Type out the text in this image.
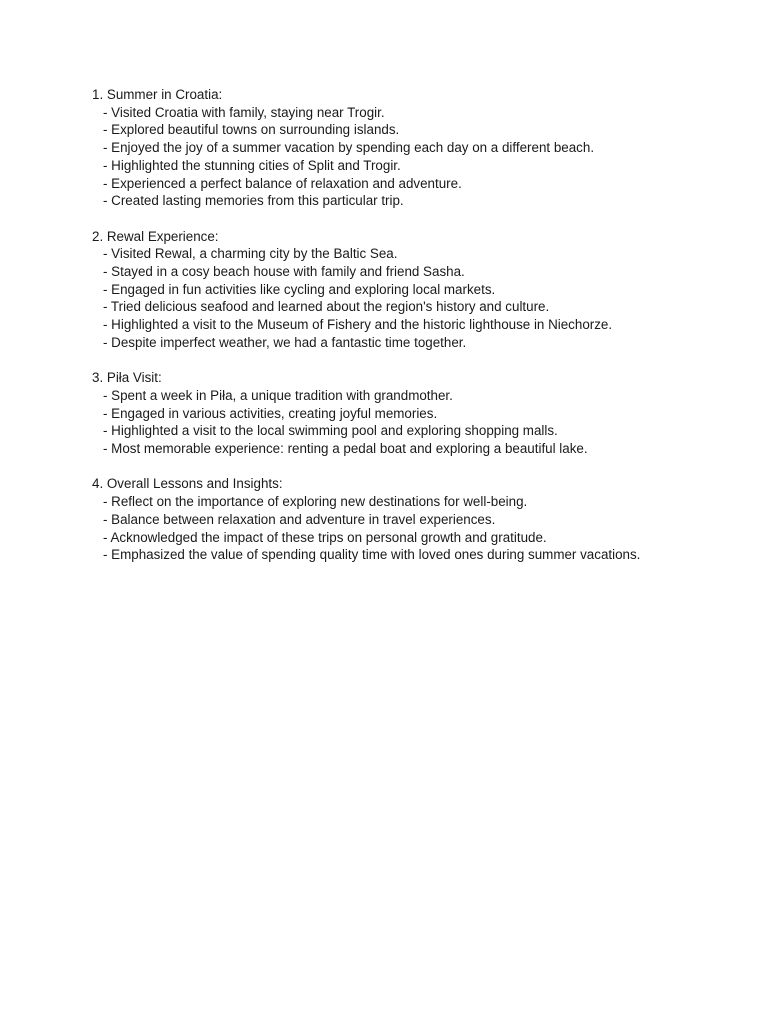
1. Summer in Croatia:
- Visited Croatia with family, staying near Trogir.
- Explored beautiful towns on surrounding islands.
- Enjoyed the joy of a summer vacation by spending each day on a different beach.
- Highlighted the stunning cities of Split and Trogir.
- Experienced a perfect balance of relaxation and adventure.
- Created lasting memories from this particular trip.
2. Rewal Experience:
- Visited Rewal, a charming city by the Baltic Sea.
- Stayed in a cosy beach house with family and friend Sasha.
- Engaged in fun activities like cycling and exploring local markets.
- Tried delicious seafood and learned about the region's history and culture.
- Highlighted a visit to the Museum of Fishery and the historic lighthouse in Niechorze.
- Despite imperfect weather, we had a fantastic time together.
3. Piła Visit:
- Spent a week in Piła, a unique tradition with grandmother.
- Engaged in various activities, creating joyful memories.
- Highlighted a visit to the local swimming pool and exploring shopping malls.
- Most memorable experience: renting a pedal boat and exploring a beautiful lake.
4. Overall Lessons and Insights:
- Reflect on the importance of exploring new destinations for well-being.
- Balance between relaxation and adventure in travel experiences.
- Acknowledged the impact of these trips on personal growth and gratitude.
- Emphasized the value of spending quality time with loved ones during summer vacations.
